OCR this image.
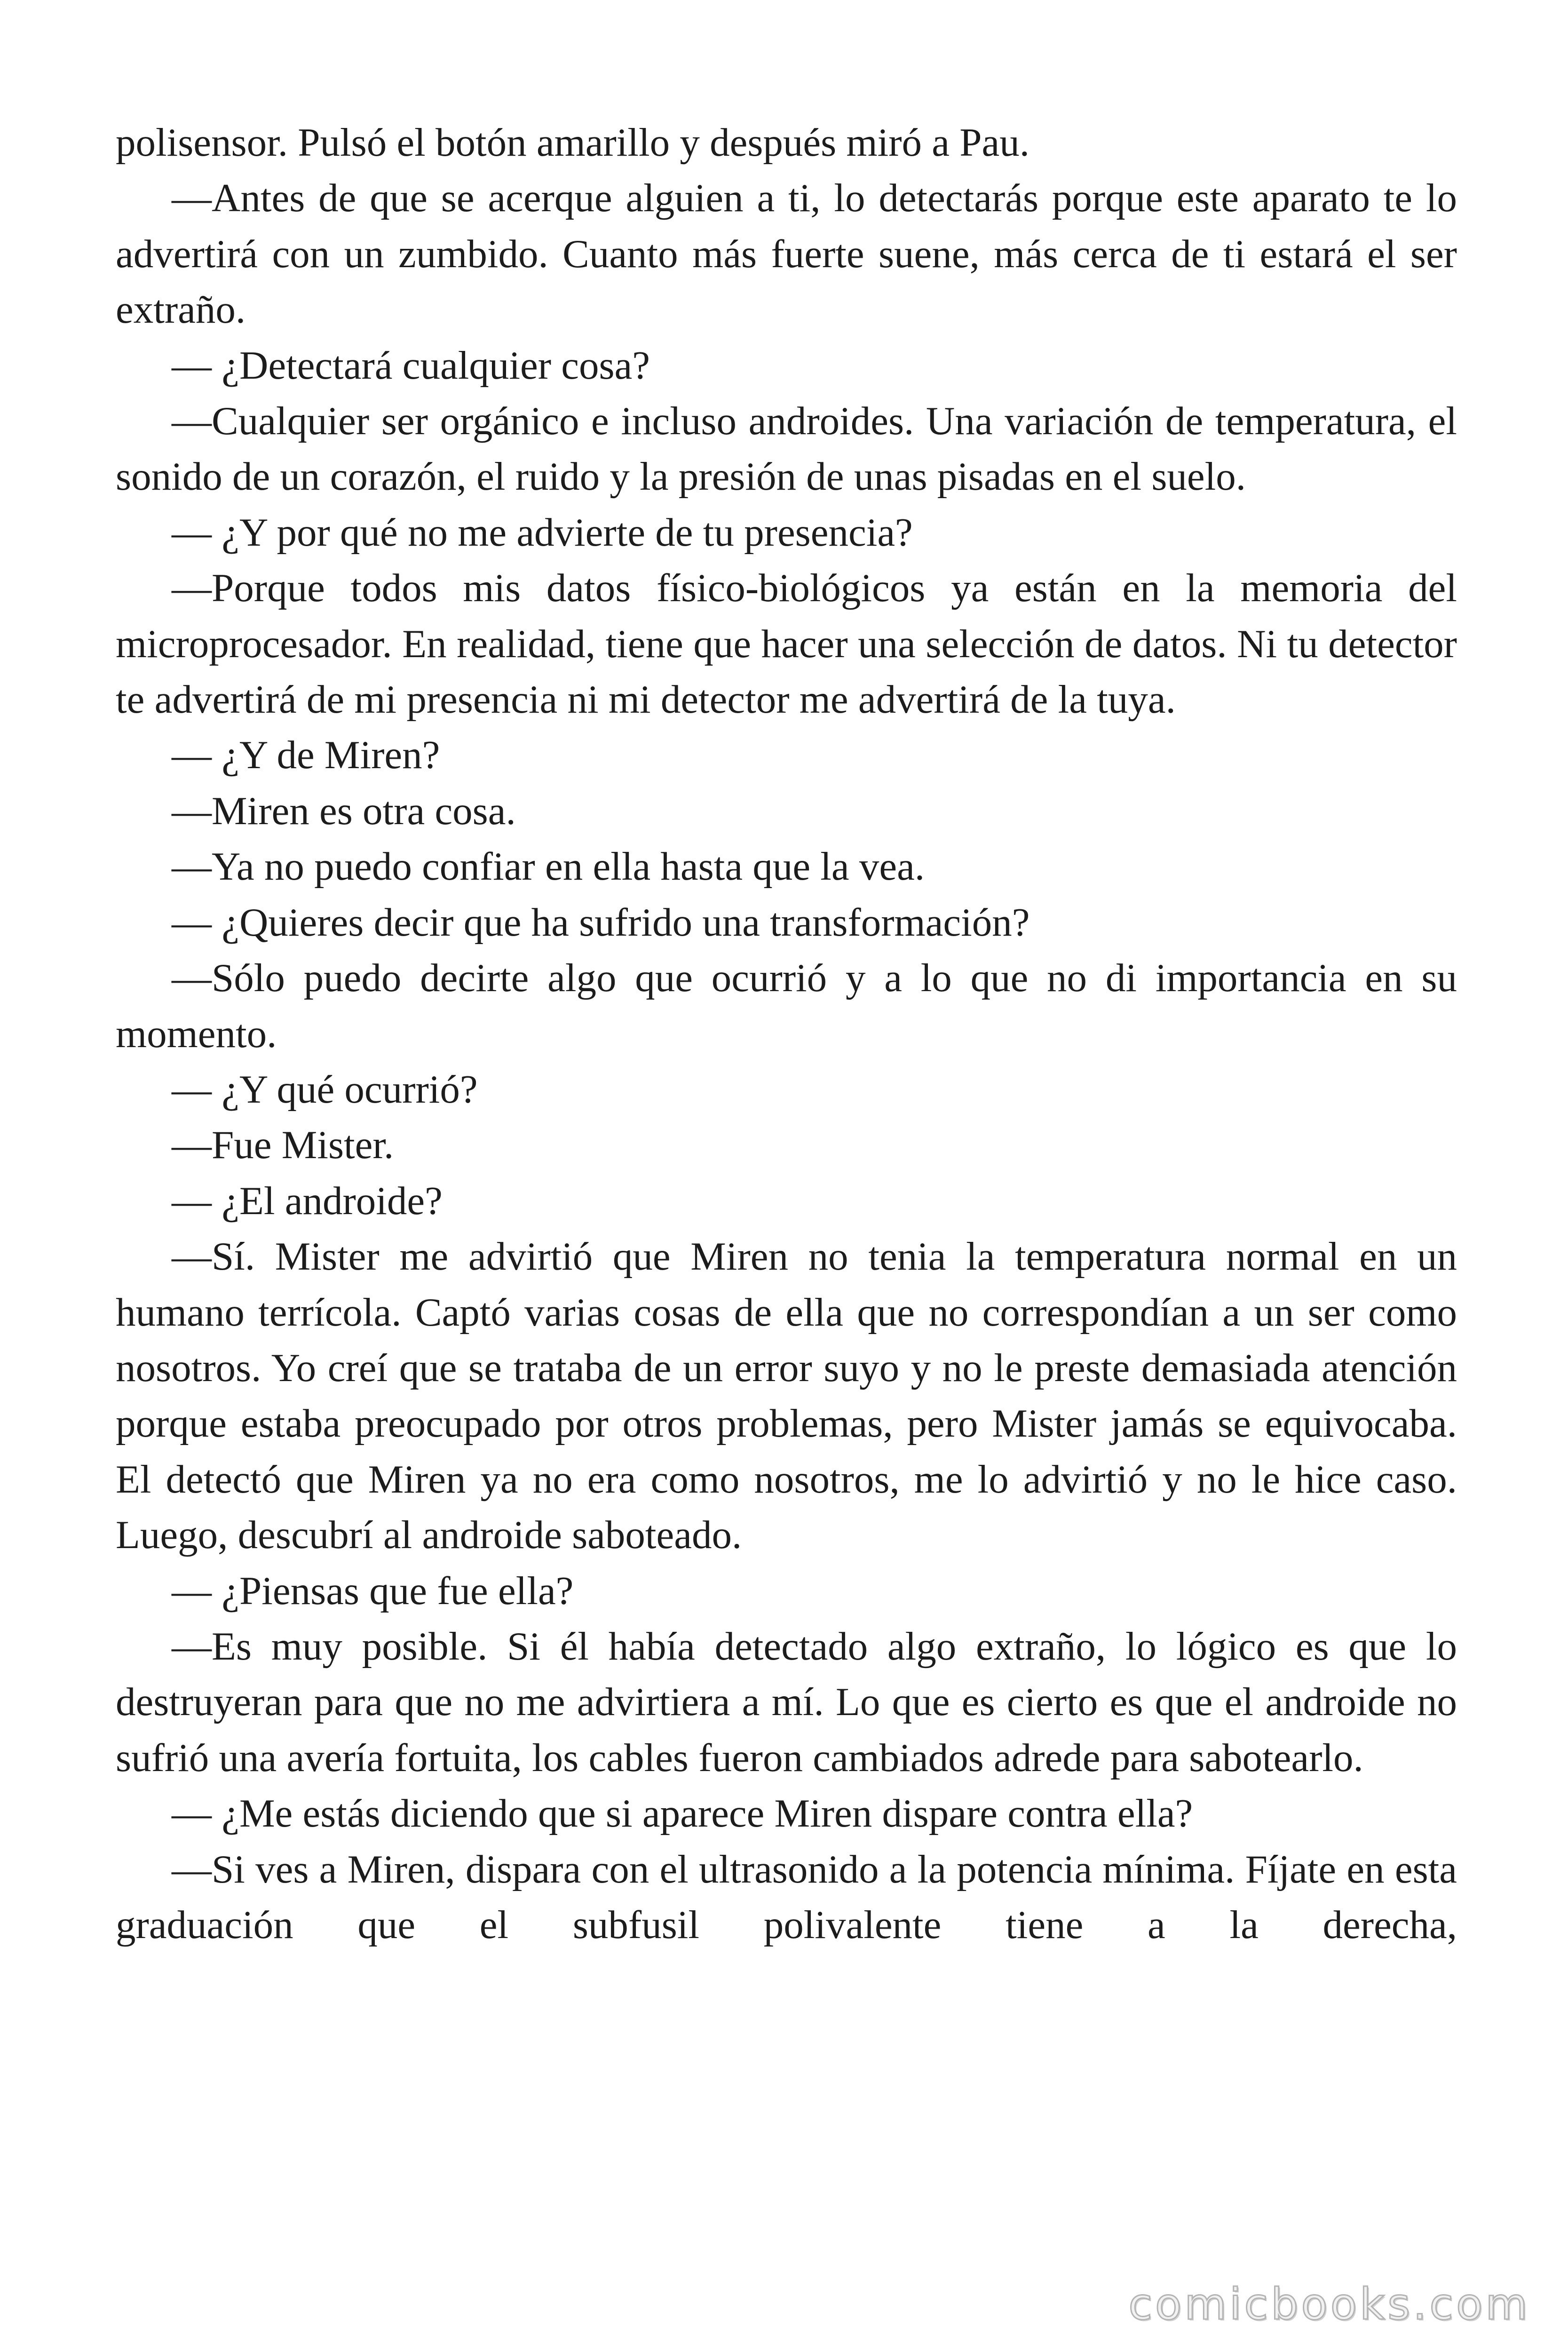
polisensor. Pulsó el botón amarillo y después miró a Pau.

—Antes de que se acerque alguien a ti, lo detectarás porque este aparato te lo advertirá con un zumbido. Cuanto más fuerte suene, más cerca de ti estará el ser extraño.

— ¿Detectará cualquier cosa?

—Cualquier ser orgánico e incluso androides. Una variación de temperatura, el sonido de un corazón, el ruido y la presión de unas pisadas en el suelo.

— ¿Y por qué no me advierte de tu presencia?

—Porque todos mis datos físico-biológicos ya están en la memoria del microprocesador. En realidad, tiene que hacer una selección de datos. Ni tu detector te advertirá de mi presencia ni mi detector me advertirá de la tuya.

— ¿Y de Miren?

—Miren es otra cosa.

—Ya no puedo confiar en ella hasta que la vea.

— ¿Quieres decir que ha sufrido una transformación?

—Sólo puedo decirte algo que ocurrió y a lo que no di importancia en su momento.

— ¿Y qué ocurrió?

—Fue Mister.

— ¿El androide?

—Sí. Mister me advirtió que Miren no tenia la temperatura normal en un humano terrícola. Captó varias cosas de ella que no correspondían a un ser como nosotros. Yo creí que se trataba de un error suyo y no le preste demasiada atención porque estaba preocupado por otros problemas, pero Mister jamás se equivocaba. El detectó que Miren ya no era como nosotros, me lo advirtió y no le hice caso. Luego, descubrí al androide saboteado.

— ¿Piensas que fue ella?

—Es muy posible. Si él había detectado algo extraño, lo lógico es que lo destruyeran para que no me advirtiera a mí. Lo que es cierto es que el androide no sufrió una avería fortuita, los cables fueron cambiados adrede para sabotearlo.

— ¿Me estás diciendo que si aparece Miren dispare contra ella?

—Si ves a Miren, dispara con el ultrasonido a la potencia mínima. Fíjate en esta graduación que el subfusil polivalente tiene a la derecha,

comicbooks.com
